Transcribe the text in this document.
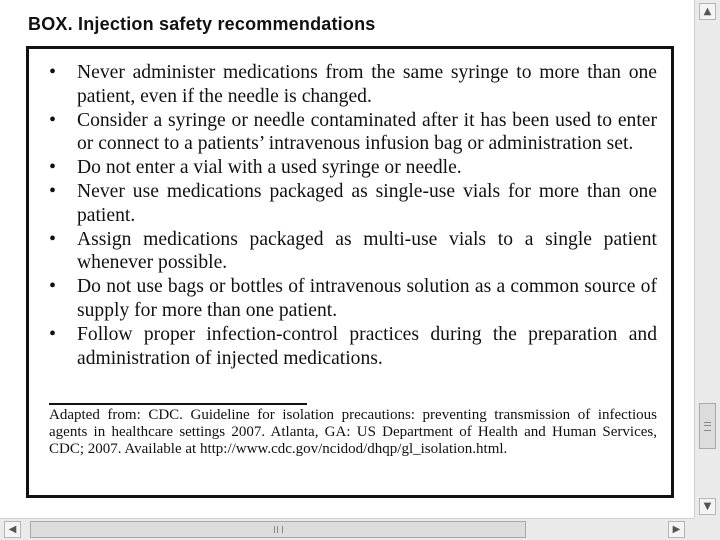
BOX. Injection safety recommendations
• Never administer medications from the same syringe to more than one patient, even if the needle is changed.
• Consider a syringe or needle contaminated after it has been used to enter or connect to a patients’ intravenous infusion bag or administration set.
• Do not enter a vial with a used syringe or needle.
• Never use medications packaged as single-use vials for more than one patient.
• Assign medications packaged as multi-use vials to a single patient whenever possible.
• Do not use bags or bottles of intravenous solution as a common source of supply for more than one patient.
• Follow proper infection-control practices during the preparation and administration of injected medications.
Adapted from: CDC. Guideline for isolation precautions: preventing transmission of infectious agents in healthcare settings 2007. Atlanta, GA: US Department of Health and Human Services, CDC; 2007. Available at http://www.cdc.gov/ncidod/dhqp/gl_isolation.html.
▲
▼
◀	▶
